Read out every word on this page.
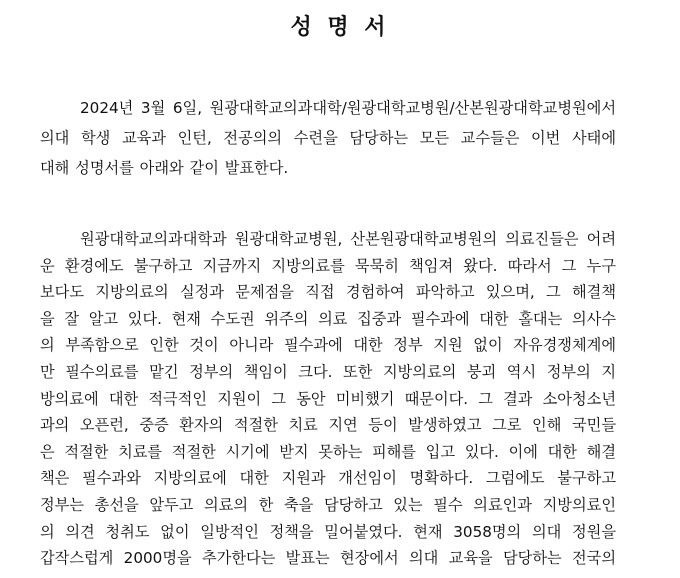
성 명 서
2024년 3월 6일, 원광대학교의과대학/원광대학교병원/산본원광대학교병원에서
의대 학생 교육과 인턴, 전공의의 수련을 담당하는 모든 교수들은 이번 사태에
대해 성명서를 아래와 같이 발표한다.
원광대학교의과대학과 원광대학교병원, 산본원광대학교병원의 의료진들은 어려
운 환경에도 불구하고 지금까지 지방의료를 묵묵히 책임져 왔다. 따라서 그 누구
보다도 지방의료의 실정과 문제점을 직접 경험하여 파악하고 있으며, 그 해결책
을 잘 알고 있다. 현재 수도권 위주의 의료 집중과 필수과에 대한 홀대는 의사수
의 부족함으로 인한 것이 아니라 필수과에 대한 정부 지원 없이 자유경쟁체계에
만 필수의료를 맡긴 정부의 책임이 크다. 또한 지방의료의 붕괴 역시 정부의 지
방의료에 대한 적극적인 지원이 그 동안 미비했기 때문이다. 그 결과 소아청소년
과의 오픈런, 중증 환자의 적절한 치료 지연 등이 발생하였고 그로 인해 국민들
은 적절한 치료를 적절한 시기에 받지 못하는 피해를 입고 있다. 이에 대한 해결
책은 필수과와 지방의료에 대한 지원과 개선임이 명확하다. 그럼에도 불구하고
정부는 총선을 앞두고 의료의 한 축을 담당하고 있는 필수 의료인과 지방의료인
의 의견 청취도 없이 일방적인 정책을 밀어붙였다. 현재 3058명의 의대 정원을
갑작스럽게 2000명을 추가한다는 발표는 현장에서 의대 교육을 담당하는 전국의
